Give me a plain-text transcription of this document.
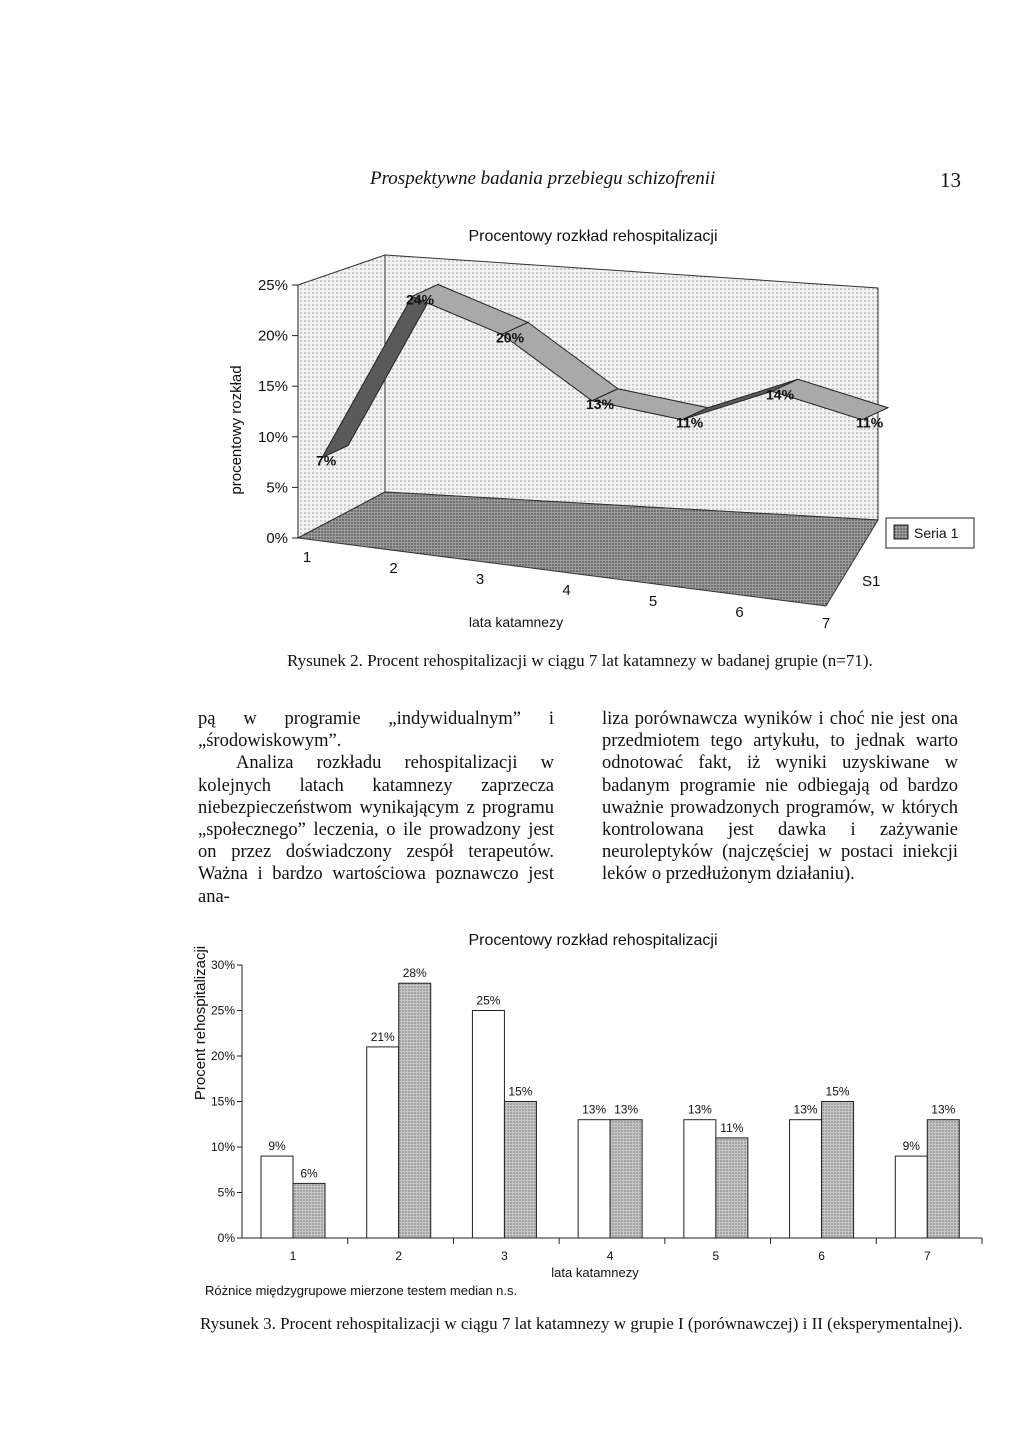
Prospektywne badania przebiegu schizofrenii	13
Procentowy rozkład rehospitalizacji
0%
5%
10%
15%
20%
25%
7%
24%
20%
13%
11%
14%
11%
1
2
3
4
5
6
7
procentowy rozkład
lata katamnezy
S1
Seria 1
Rysunek 2. Procent rehospitalizacji w ciągu 7 lat katamnezy w badanej grupie (n=71).

pą w programie „indywidualnym” i „środowiskowym”.

Analiza rozkładu rehospitalizacji w kolejnych latach katamnezy zaprzecza niebezpieczeństwom wynikającym z programu „społecznego” leczenia, o ile prowadzony jest on przez doświadczony zespół terapeutów. Ważna i bardzo wartościowa poznawczo jest ana-

liza porównawcza wyników i choć nie jest ona przedmiotem tego artykułu, to jednak warto odnotować fakt, iż wyniki uzyskiwane w badanym programie nie odbiegają od bardzo uważnie prowadzonych programów, w których kontrolowana jest dawka i zażywanie neuroleptyków (najczęściej w postaci iniekcji leków o przedłużonym działaniu).

Procentowy rozkład rehospitalizacji
Procent rehospitalizacji
0%
5%
10%
15%
20%
25%
30%
9%
6%
21%
28%
25%
15%
13% 13%	13%
11%
13%
15%
9%
13%
1	2	3	4	5	6	7
lata katamnezy
Różnice międzygrupowe mierzone testem median n.s.
Rysunek 3. Procent rehospitalizacji w ciągu 7 lat katamnezy w grupie I (porównawczej) i II (eksperymentalnej).
